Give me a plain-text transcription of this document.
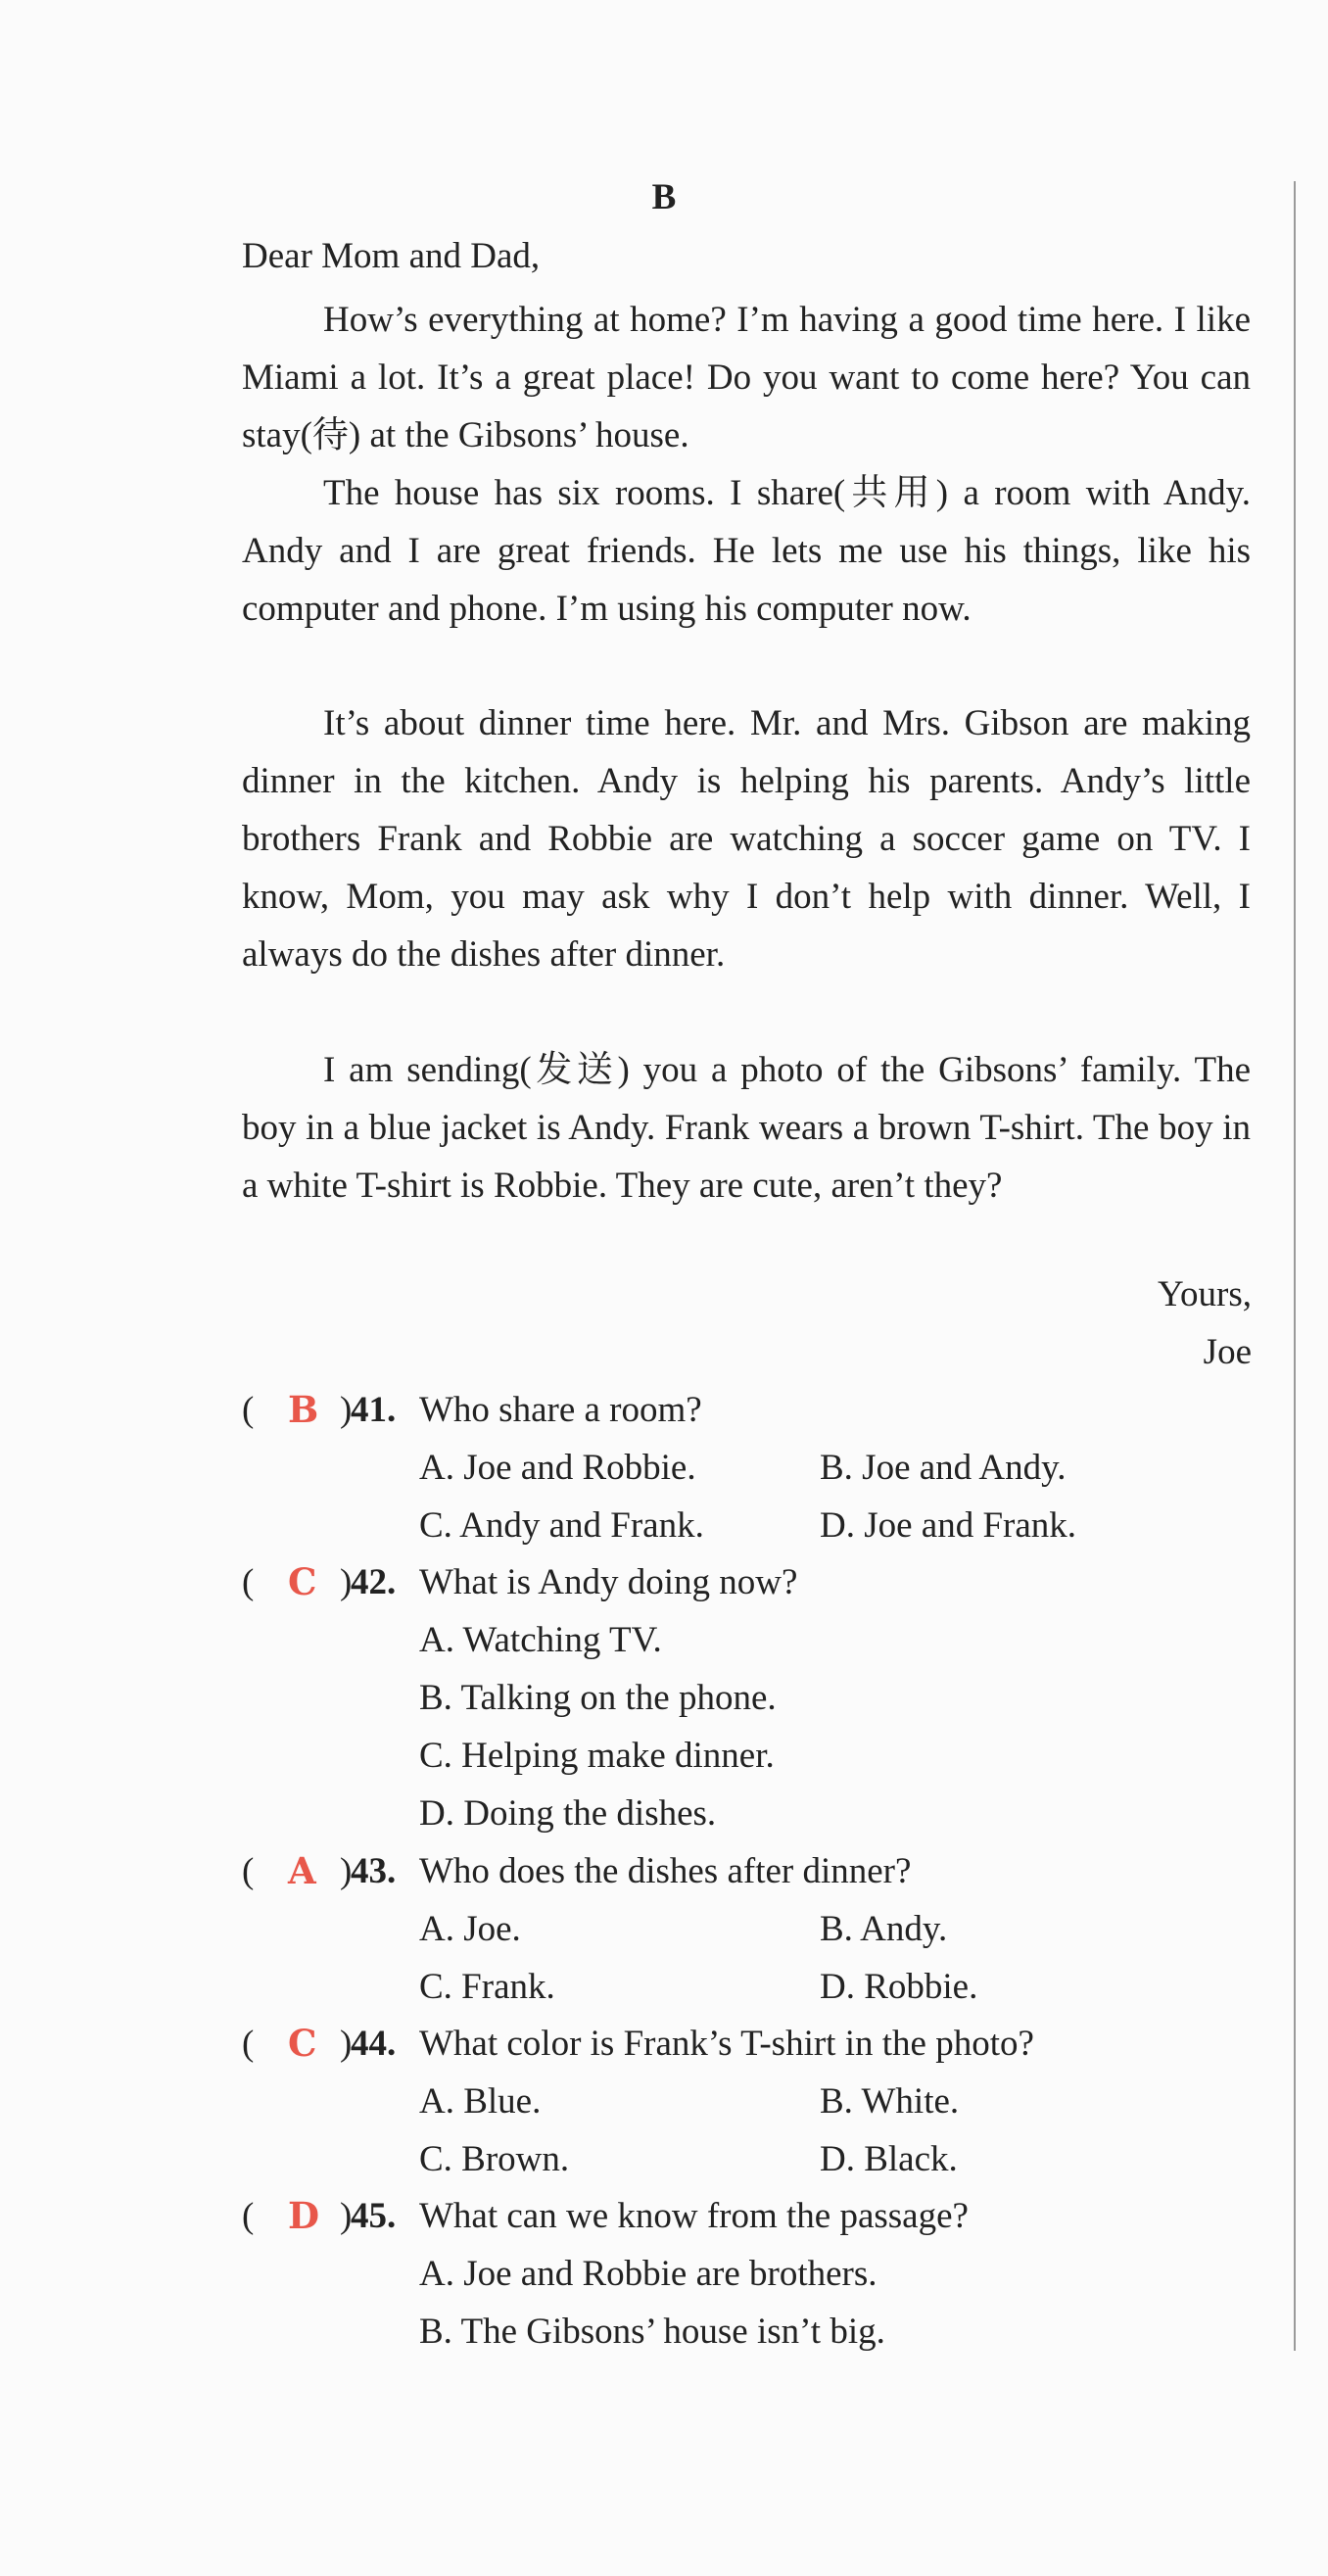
B
Dear Mom and Dad,

How’s everything at home? I’m having a good time here. I like Miami a lot. It’s a great place! Do you want to come here? You can stay(待) at the Gibsons’ house.

The house has six rooms. I share(共用) a room with Andy. Andy and I are great friends. He lets me use his things, like his computer and phone. I’m using his computer now.

It’s about dinner time here. Mr. and Mrs. Gibson are making dinner in the kitchen. Andy is helping his parents. Andy’s little brothers Frank and Robbie are watching a soccer game on TV. I know, Mom, you may ask why I don’t help with dinner. Well, I always do the dishes after dinner.

I am sending(发送) you a photo of the Gibsons’ family. The boy in a blue jacket is Andy. Frank wears a brown T-shirt. The boy in a white T-shirt is Robbie. They are cute, aren’t they?

Yours,
Joe
( B )
41. Who share a room?
A. Joe and Robbie.	B. Joe and Andy.
C. Andy and Frank.	D. Joe and Frank.
( C )
42. What is Andy doing now?
A. Watching TV.
B. Talking on the phone.
C. Helping make dinner.
D. Doing the dishes.
( A )
43. Who does the dishes after dinner?
A. Joe.	B. Andy.
C. Frank.	D. Robbie.
( C )
44. What color is Frank’s T-shirt in the photo?
A. Blue.	B. White.
C. Brown.	D. Black.
( D )
45. What can we know from the passage?
A. Joe and Robbie are brothers.
B. The Gibsons’ house isn’t big.
